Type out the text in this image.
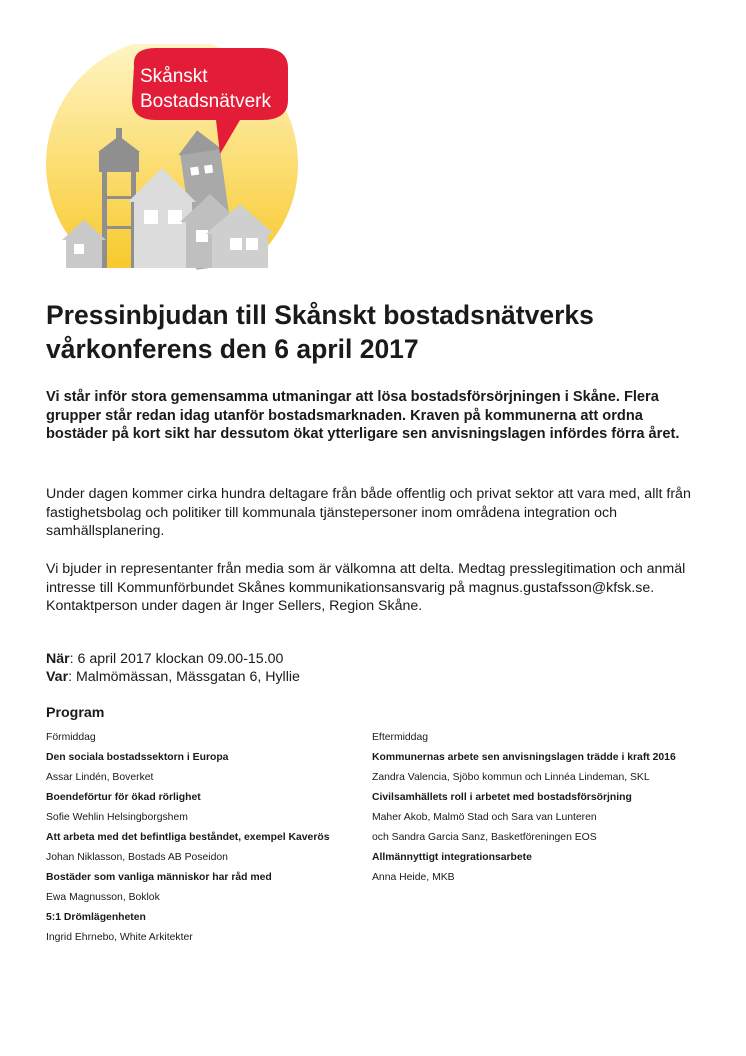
Skånskt
Bostadsnätverk
Pressinbjudan till Skånskt bostadsnätverks vårkonferens den 6 april 2017

Vi står inför stora gemensamma utmaningar att lösa bostadsförsörjningen i Skåne. Flera grupper står redan idag utanför bostadsmarknaden. Kraven på kommunerna att ordna bostäder på kort sikt har dessutom ökat ytterligare sen anvisningslagen infördes förra året.

Under dagen kommer cirka hundra deltagare från både offentlig och privat sektor att vara med, allt från fastighetsbolag och politiker till kommunala tjänstepersoner inom områdena integration och samhällsplanering.

Vi bjuder in representanter från media som är välkomna att delta. Medtag presslegitimation och anmäl intresse till Kommunförbundet Skånes kommunikationsansvarig på magnus.gustafsson@kfsk.se.
Kontaktperson under dagen är Inger Sellers, Region Skåne.
När: 6 april 2017 klockan 09.00-15.00
Var: Malmömässan, Mässgatan 6, Hyllie
Program
Förmiddag
Den sociala bostadssektorn i Europa
Assar Lindén, Boverket
Boendeförtur för ökad rörlighet
Sofie Wehlin Helsingborgshem
Att arbeta med det befintliga beståndet, exempel Kaverös
Johan Niklasson, Bostads AB Poseidon
Bostäder som vanliga människor har råd med
Ewa Magnusson, Boklok
5:1 Drömlägenheten
Ingrid Ehrnebo, White Arkitekter
Eftermiddag
Kommunernas arbete sen anvisningslagen trädde i kraft 2016
Zandra Valencia, Sjöbo kommun och Linnéa Lindeman, SKL
Civilsamhällets roll i arbetet med bostadsförsörjning
Maher Akob, Malmö Stad och Sara van Lunteren
och Sandra Garcia Sanz, Basketföreningen EOS
Allmännyttigt integrationsarbete
Anna Heide, MKB
